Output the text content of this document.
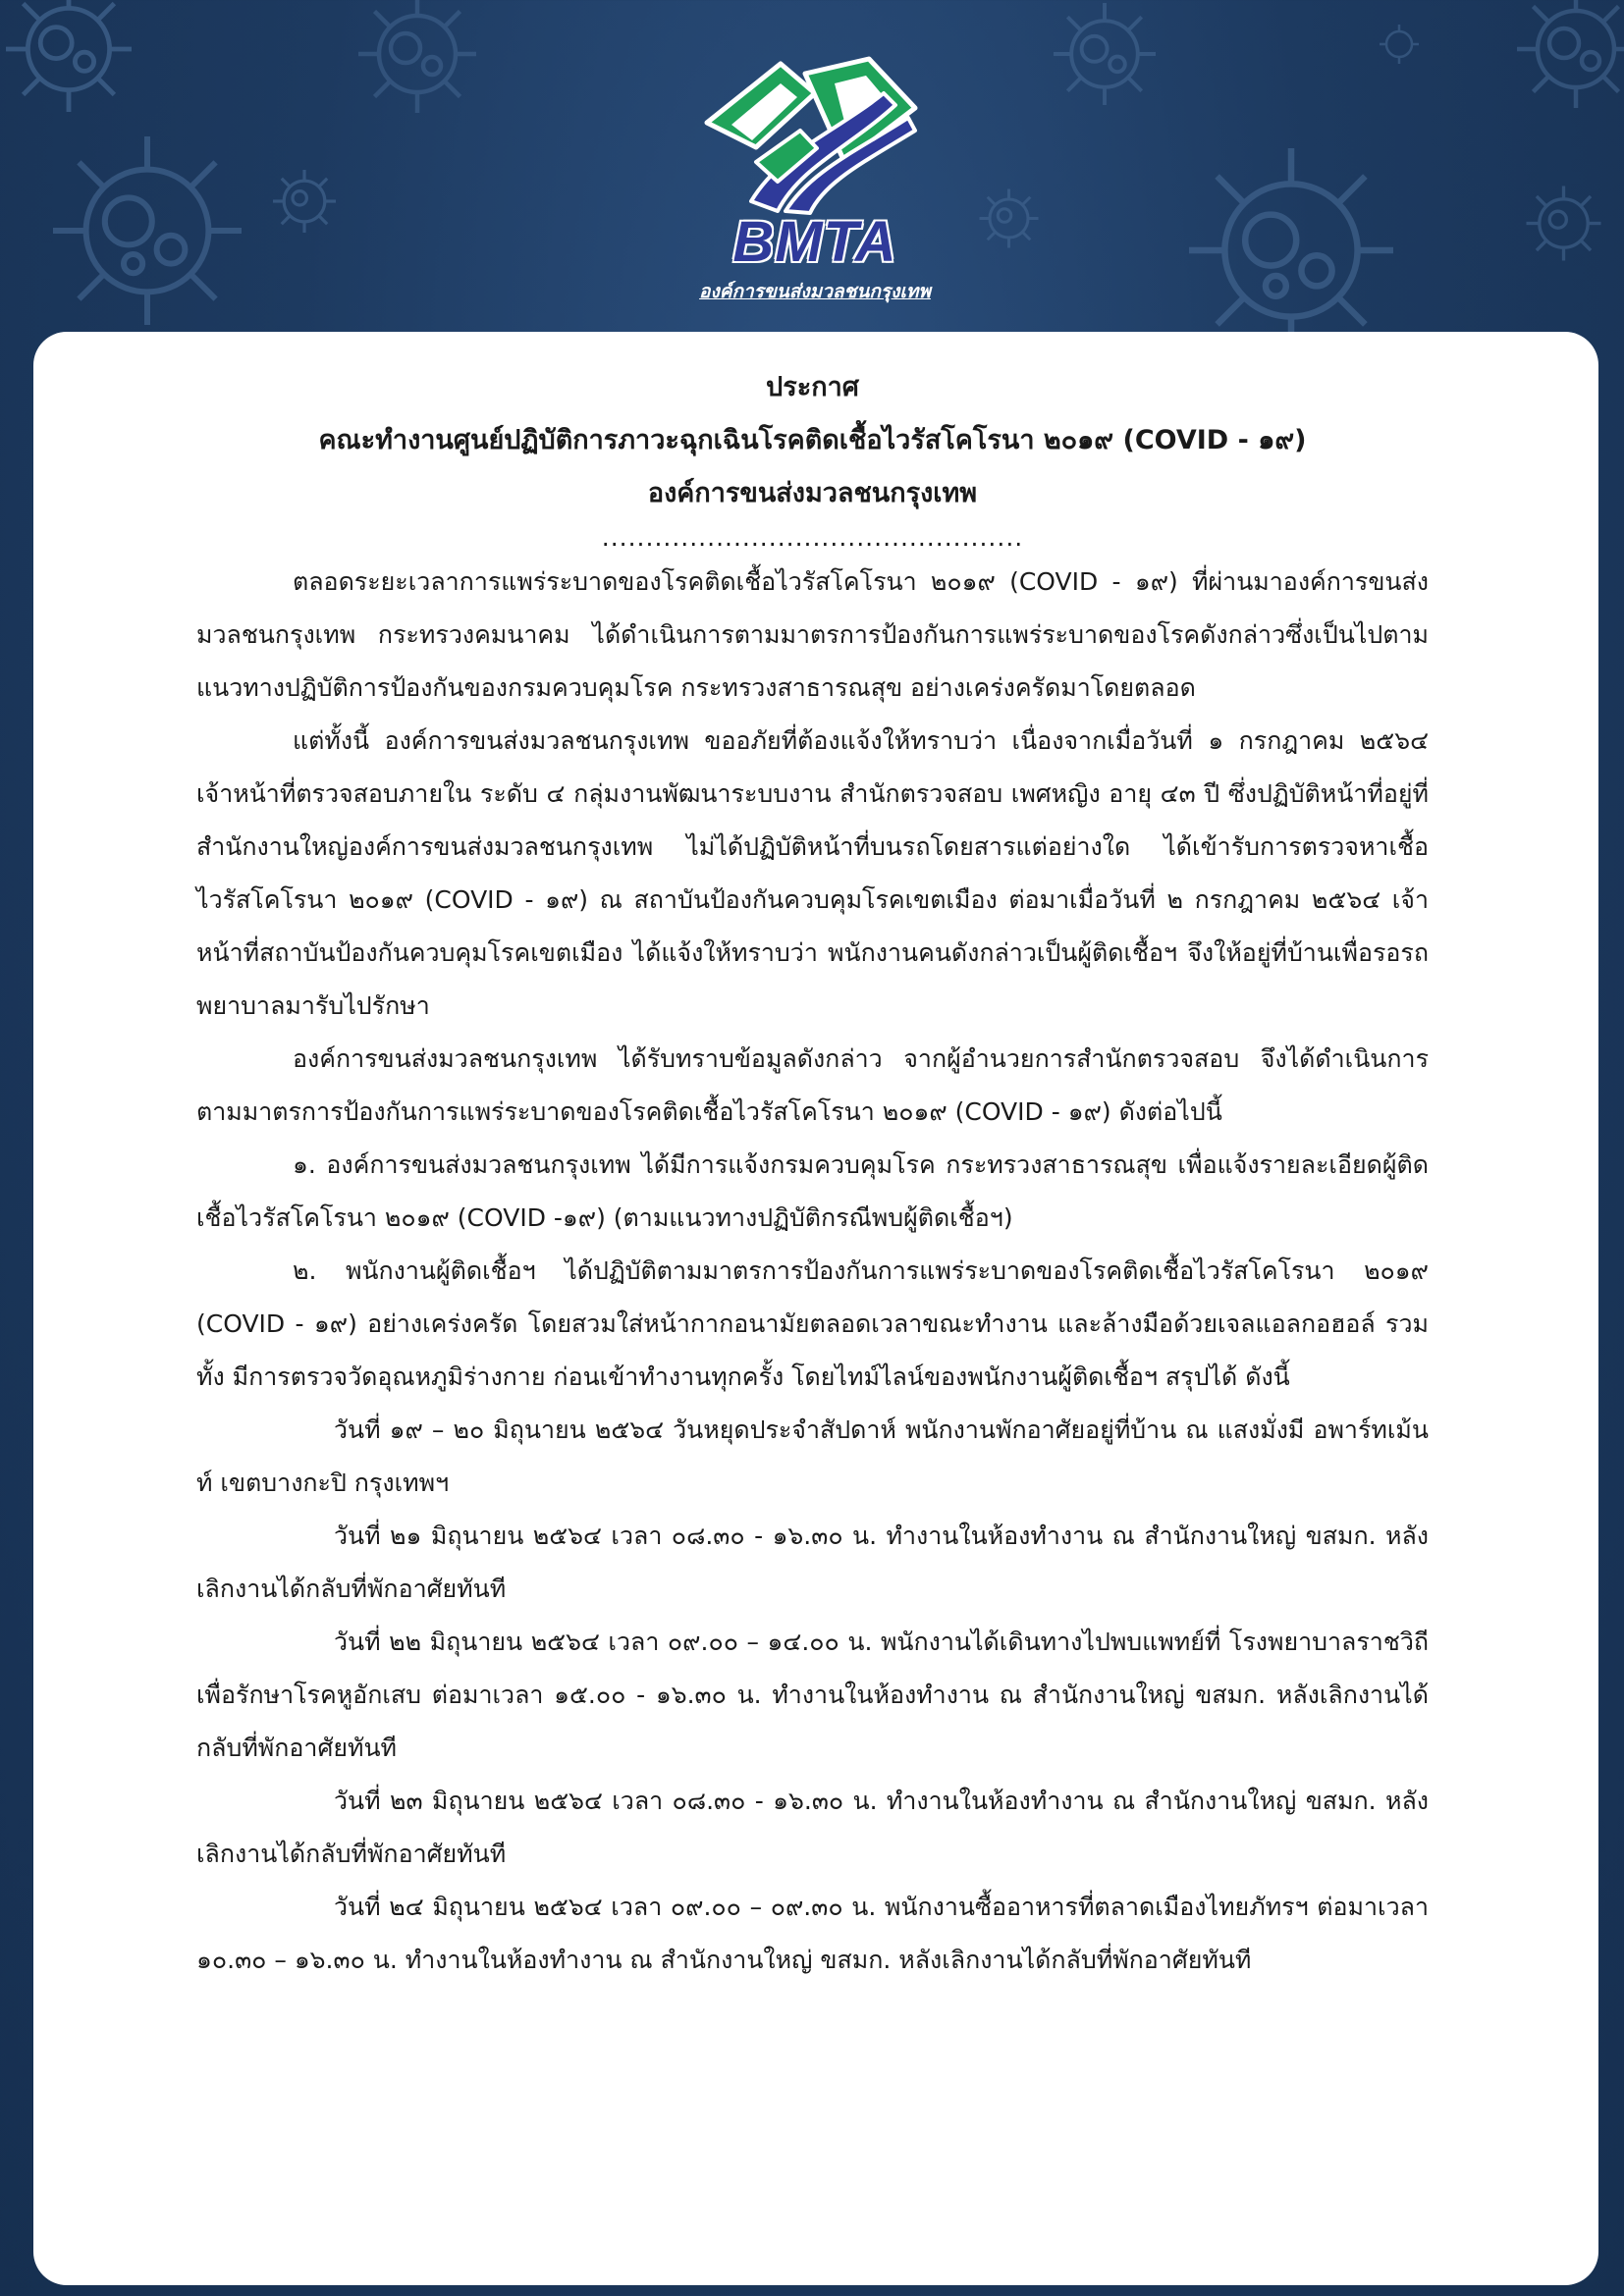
BMTA
องค์การขนส่งมวลชนกรุงเทพ
ประกาศ
คณะทำงานศูนย์ปฏิบัติการภาวะฉุกเฉินโรคติดเชื้อไวรัสโคโรนา ๒๐๑๙ (COVID - ๑๙)
องค์การขนส่งมวลชนกรุงเทพ
................................................

ตลอดระยะเวลาการแพร่ระบาดของโรคติดเชื้อไวรัสโคโรนา ๒๐๑๙ (COVID - ๑๙) ที่ผ่านมาองค์การขนส่งมวลชนกรุงเทพ กระทรวงคมนาคม ได้ดำเนินการตามมาตรการป้องกันการแพร่ระบาดของโรคดังกล่าวซึ่งเป็นไปตามแนวทางปฏิบัติการป้องกันของกรมควบคุมโรค กระทรวงสาธารณสุข อย่างเคร่งครัดมาโดยตลอด

แต่ทั้งนี้ องค์การขนส่งมวลชนกรุงเทพ ขออภัยที่ต้องแจ้งให้ทราบว่า เนื่องจากเมื่อวันที่ ๑ กรกฎาคม ๒๕๖๔ เจ้าหน้าที่ตรวจสอบภายใน ระดับ ๔ กลุ่มงานพัฒนาระบบงาน สำนักตรวจสอบ เพศหญิง อายุ ๔๓ ปี ซึ่งปฏิบัติหน้าที่อยู่ที่ สำนักงานใหญ่องค์การขนส่งมวลชนกรุงเทพ ไม่ได้ปฏิบัติหน้าที่บนรถโดยสารแต่อย่างใด ได้เข้ารับการตรวจหาเชื้อไวรัสโคโรนา ๒๐๑๙ (COVID - ๑๙) ณ สถาบันป้องกันควบคุมโรคเขตเมือง ต่อมาเมื่อวันที่ ๒ กรกฎาคม ๒๕๖๔ เจ้าหน้าที่สถาบันป้องกันควบคุมโรคเขตเมือง ได้แจ้งให้ทราบว่า พนักงานคนดังกล่าวเป็นผู้ติดเชื้อฯ จึงให้อยู่ที่บ้านเพื่อรอรถพยาบาลมารับไปรักษา

องค์การขนส่งมวลชนกรุงเทพ ได้รับทราบข้อมูลดังกล่าว จากผู้อำนวยการสำนักตรวจสอบ จึงได้ดำเนินการตามมาตรการป้องกันการแพร่ระบาดของโรคติดเชื้อไวรัสโคโรนา ๒๐๑๙ (COVID - ๑๙) ดังต่อไปนี้

๑. องค์การขนส่งมวลชนกรุงเทพ ได้มีการแจ้งกรมควบคุมโรค กระทรวงสาธารณสุข เพื่อแจ้งรายละเอียดผู้ติดเชื้อไวรัสโคโรนา ๒๐๑๙ (COVID -๑๙) (ตามแนวทางปฏิบัติกรณีพบผู้ติดเชื้อฯ)

๒. พนักงานผู้ติดเชื้อฯ ได้ปฏิบัติตามมาตรการป้องกันการแพร่ระบาดของโรคติดเชื้อไวรัสโคโรนา ๒๐๑๙ (COVID - ๑๙) อย่างเคร่งครัด โดยสวมใส่หน้ากากอนามัยตลอดเวลาขณะทำงาน และล้างมือด้วยเจลแอลกอฮอล์ รวมทั้ง มีการตรวจวัดอุณหภูมิร่างกาย ก่อนเข้าทำงานทุกครั้ง โดยไทม์ไลน์ของพนักงานผู้ติดเชื้อฯ สรุปได้ ดังนี้

วันที่ ๑๙ – ๒๐ มิถุนายน ๒๕๖๔ วันหยุดประจำสัปดาห์ พนักงานพักอาศัยอยู่ที่บ้าน ณ แสงมั่งมี อพาร์ทเม้นท์ เขตบางกะปิ กรุงเทพฯ

วันที่ ๒๑ มิถุนายน ๒๕๖๔ เวลา ๐๘.๓๐ - ๑๖.๓๐ น. ทำงานในห้องทำงาน ณ สำนักงานใหญ่ ขสมก. หลังเลิกงานได้กลับที่พักอาศัยทันที

วันที่ ๒๒ มิถุนายน ๒๕๖๔ เวลา ๐๙.๐๐ – ๑๔.๐๐ น. พนักงานได้เดินทางไปพบแพทย์ที่ โรงพยาบาลราชวิถี เพื่อรักษาโรคหูอักเสบ ต่อมาเวลา ๑๕.๐๐ - ๑๖.๓๐ น. ทำงานในห้องทำงาน ณ สำนักงานใหญ่ ขสมก. หลังเลิกงานได้กลับที่พักอาศัยทันที

วันที่ ๒๓ มิถุนายน ๒๕๖๔ เวลา ๐๘.๓๐ - ๑๖.๓๐ น. ทำงานในห้องทำงาน ณ สำนักงานใหญ่ ขสมก. หลังเลิกงานได้กลับที่พักอาศัยทันที

วันที่ ๒๔ มิถุนายน ๒๕๖๔ เวลา ๐๙.๐๐ – ๐๙.๓๐ น. พนักงานซื้ออาหารที่ตลาดเมืองไทยภัทรฯ ต่อมาเวลา ๑๐.๓๐ – ๑๖.๓๐ น. ทำงานในห้องทำงาน ณ สำนักงานใหญ่ ขสมก. หลังเลิกงานได้กลับที่พักอาศัยทันที
